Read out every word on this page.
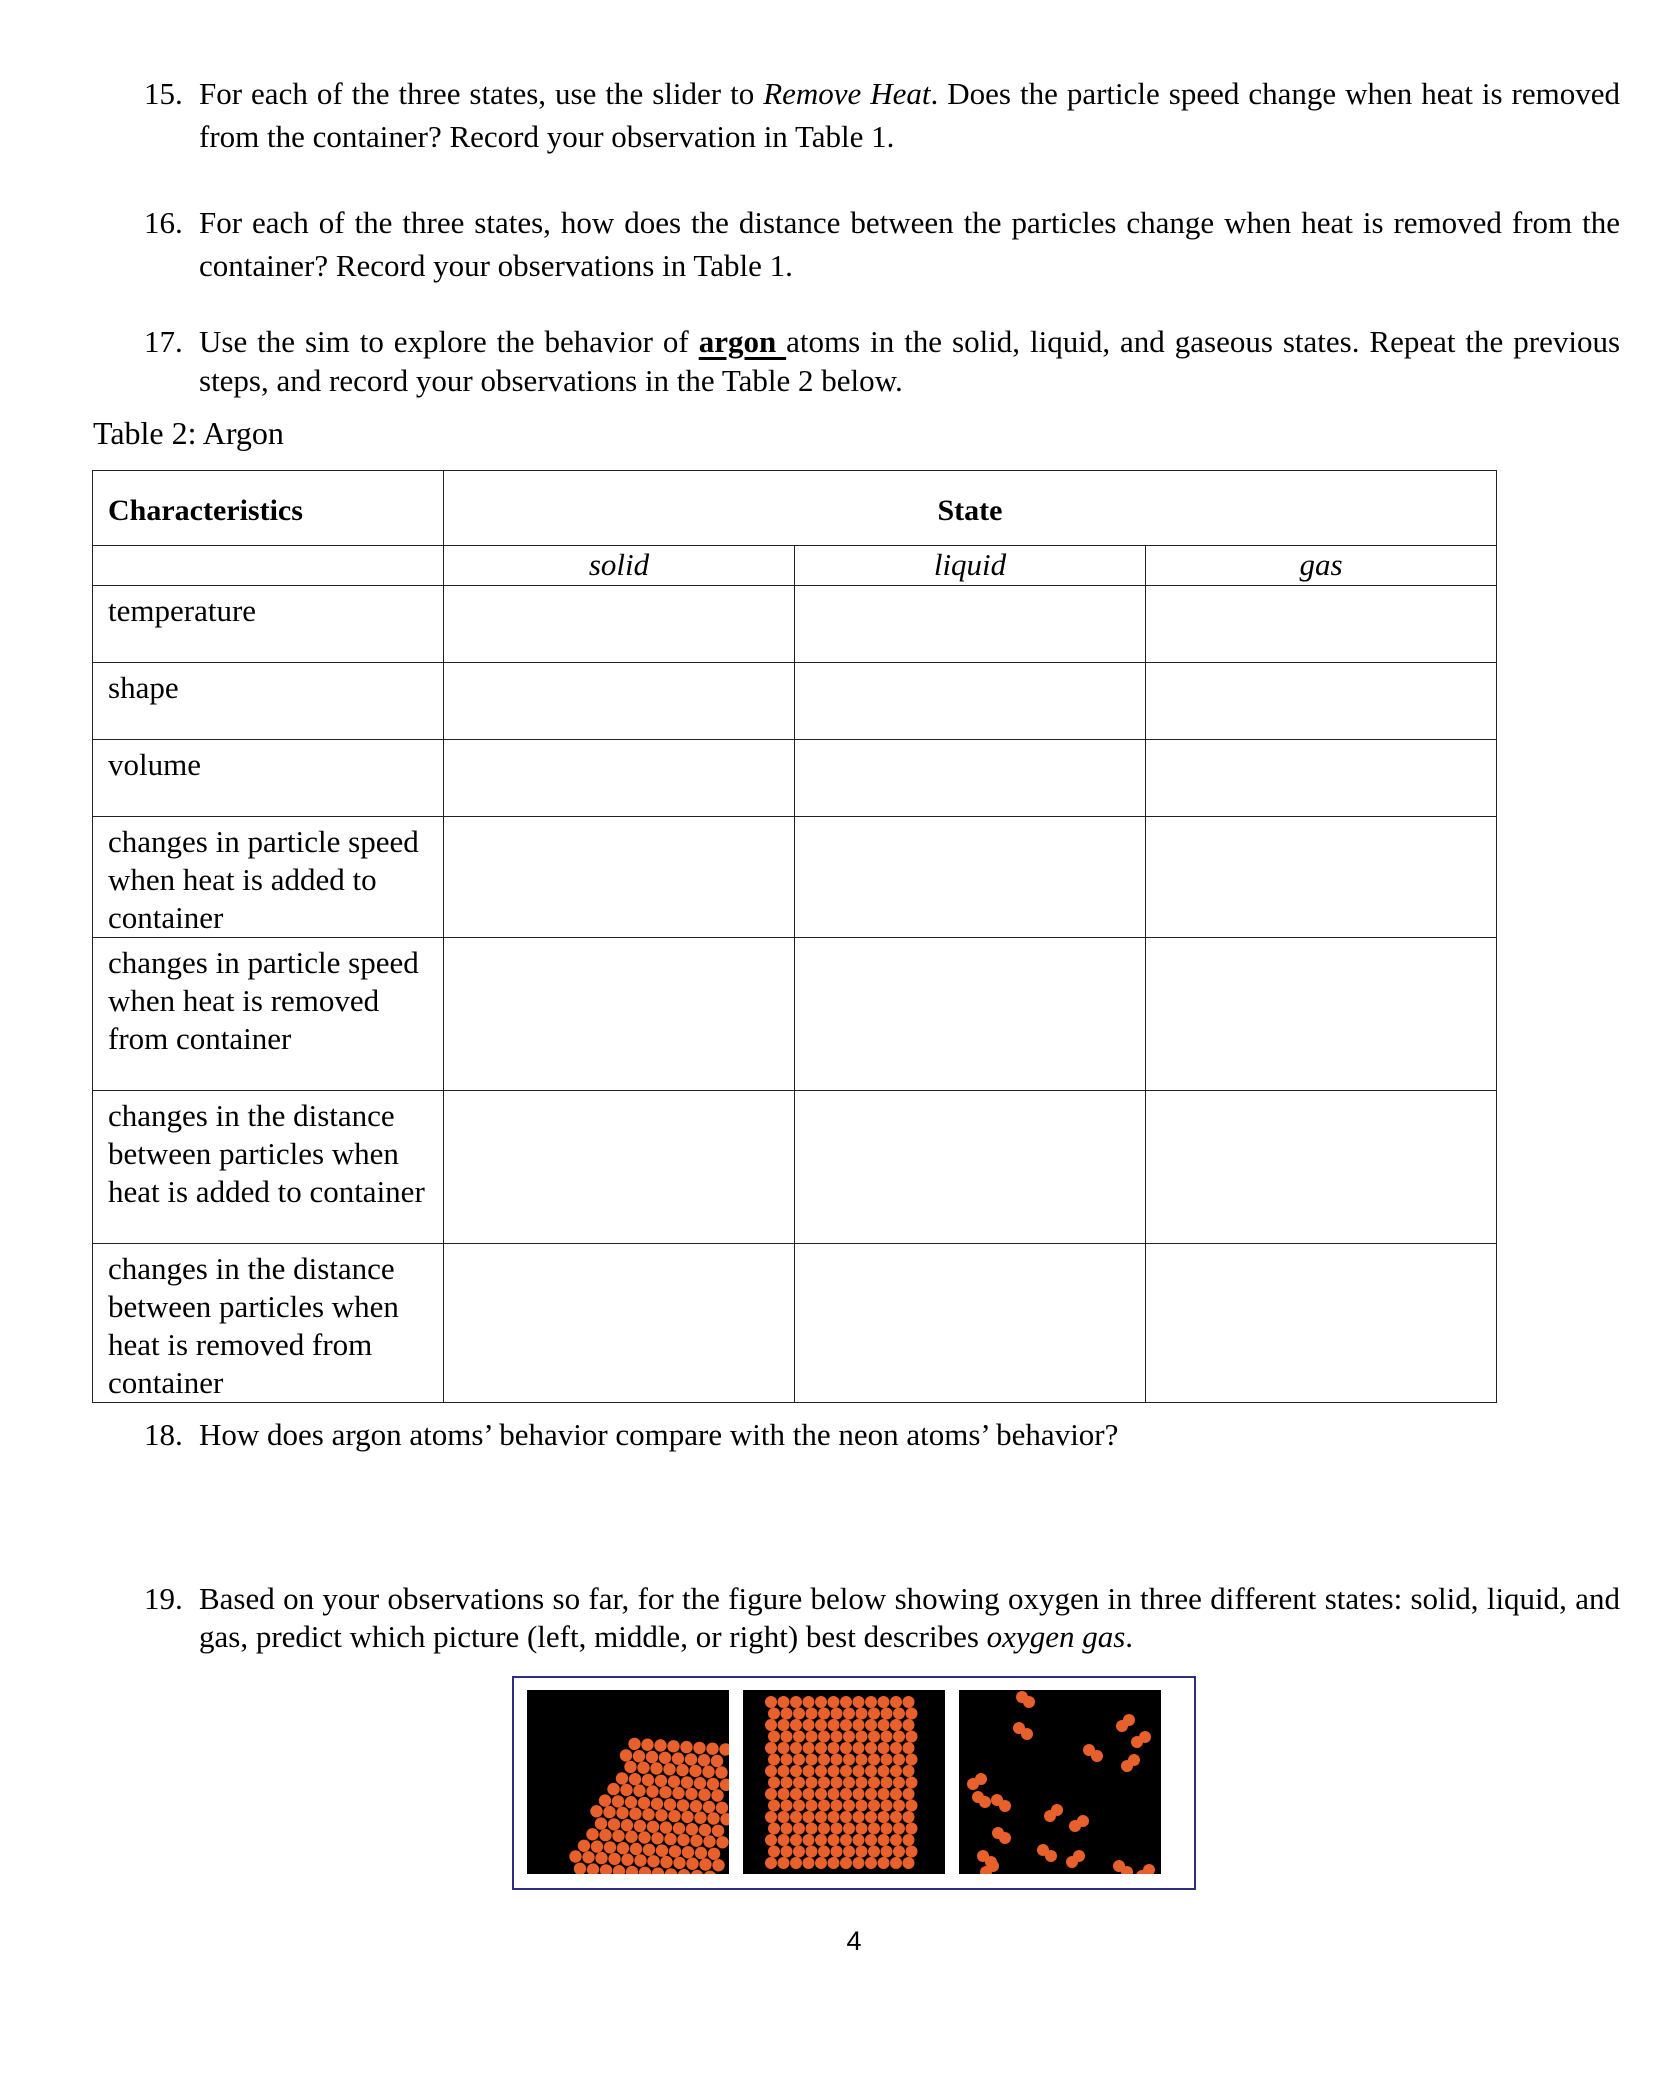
15. For each of the three states, use the slider to Remove Heat. Does the particle speed change when heat is removed from the container? Record your observation in Table 1.
16. For each of the three states, how does the distance between the particles change when heat is removed from the container? Record your observations in Table 1.
17. Use the sim to explore the behavior of argon atoms in the solid, liquid, and gaseous states. Repeat the previous steps, and record your observations in the Table 2 below.
Table 2: Argon
Characteristics	State		
	solid	liquid	gas
temperature			
shape			
volume			
changes in particle speed when heat is added to container			
changes in particle speed when heat is removed from container			
changes in the distance between particles when heat is added to container			
changes in the distance between particles when heat is removed from container			
18. How does argon atoms’ behavior compare with the neon atoms’ behavior?
19. Based on your observations so far, for the figure below showing oxygen in three different states: solid, liquid, and gas, predict which picture (left, middle, or right) best describes oxygen gas.
4
